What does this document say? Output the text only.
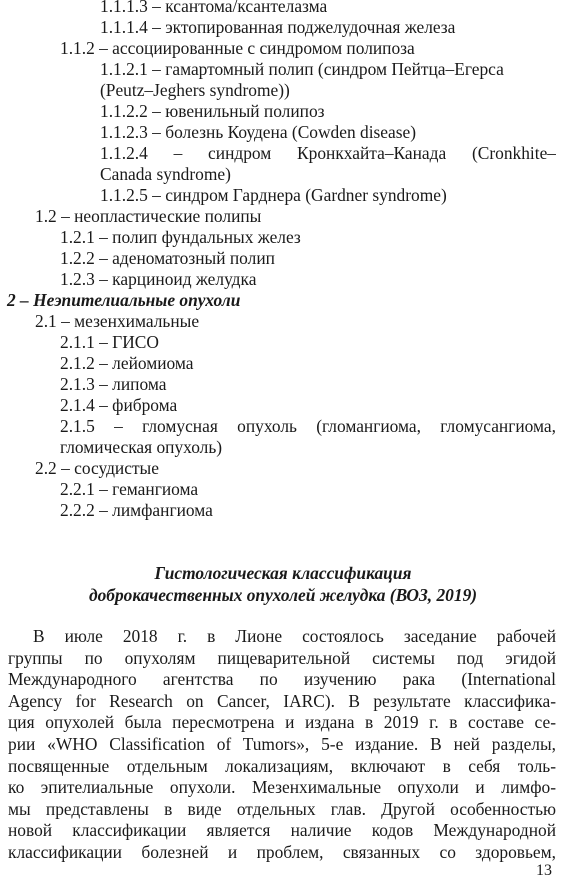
1.1.1.3 – ксантома/ксантелазма
1.1.1.4 – эктопированная поджелудочная железа
1.1.2 – ассоциированные с синдромом полипоза
1.1.2.1 – гамартомный полип (синдром Пейтца–Егерса
(Peutz–Jeghers syndrome))
1.1.2.2 – ювенильный полипоз
1.1.2.3 – болезнь Коудена (Cowden disease)
1.1.2.4 – синдром Кронкхайта–Канада (Cronkhite–
Canada syndrome)
1.1.2.5 – синдром Гарднера (Gardner syndrome)
1.2 – неопластические полипы
1.2.1 – полип фундальных желез
1.2.2 – аденоматозный полип
1.2.3 – карциноид желудка
2 – Неэпителиальные опухоли
2.1 – мезенхимальные
2.1.1 – ГИСО
2.1.2 – лейомиома
2.1.3 – липома
2.1.4 – фиброма
2.1.5 – гломусная опухоль (гломангиома, гломусангиома,
гломическая опухоль)
2.2 – сосудистые
2.2.1 – гемангиома
2.2.2 – лимфангиома
Гистологическая классификация
доброкачественных опухолей желудка (ВОЗ, 2019)
В июле 2018 г. в Лионе состоялось заседание рабочей
группы по опухолям пищеварительной системы под эгидой
Международного агентства по изучению рака (International
Agency for Research on Cancer, IARC). В результате классифика-
ция опухолей была пересмотрена и издана в 2019 г. в составе се-
рии «WHO Classification of Tumors», 5-е издание. В ней разделы,
посвященные отдельным локализациям, включают в себя толь-
ко эпителиальные опухоли. Мезенхимальные опухоли и лимфо-
мы представлены в виде отдельных глав. Другой особенностью
новой классификации является наличие кодов Международной
классификации болезней и проблем, связанных со здоровьем,
13
